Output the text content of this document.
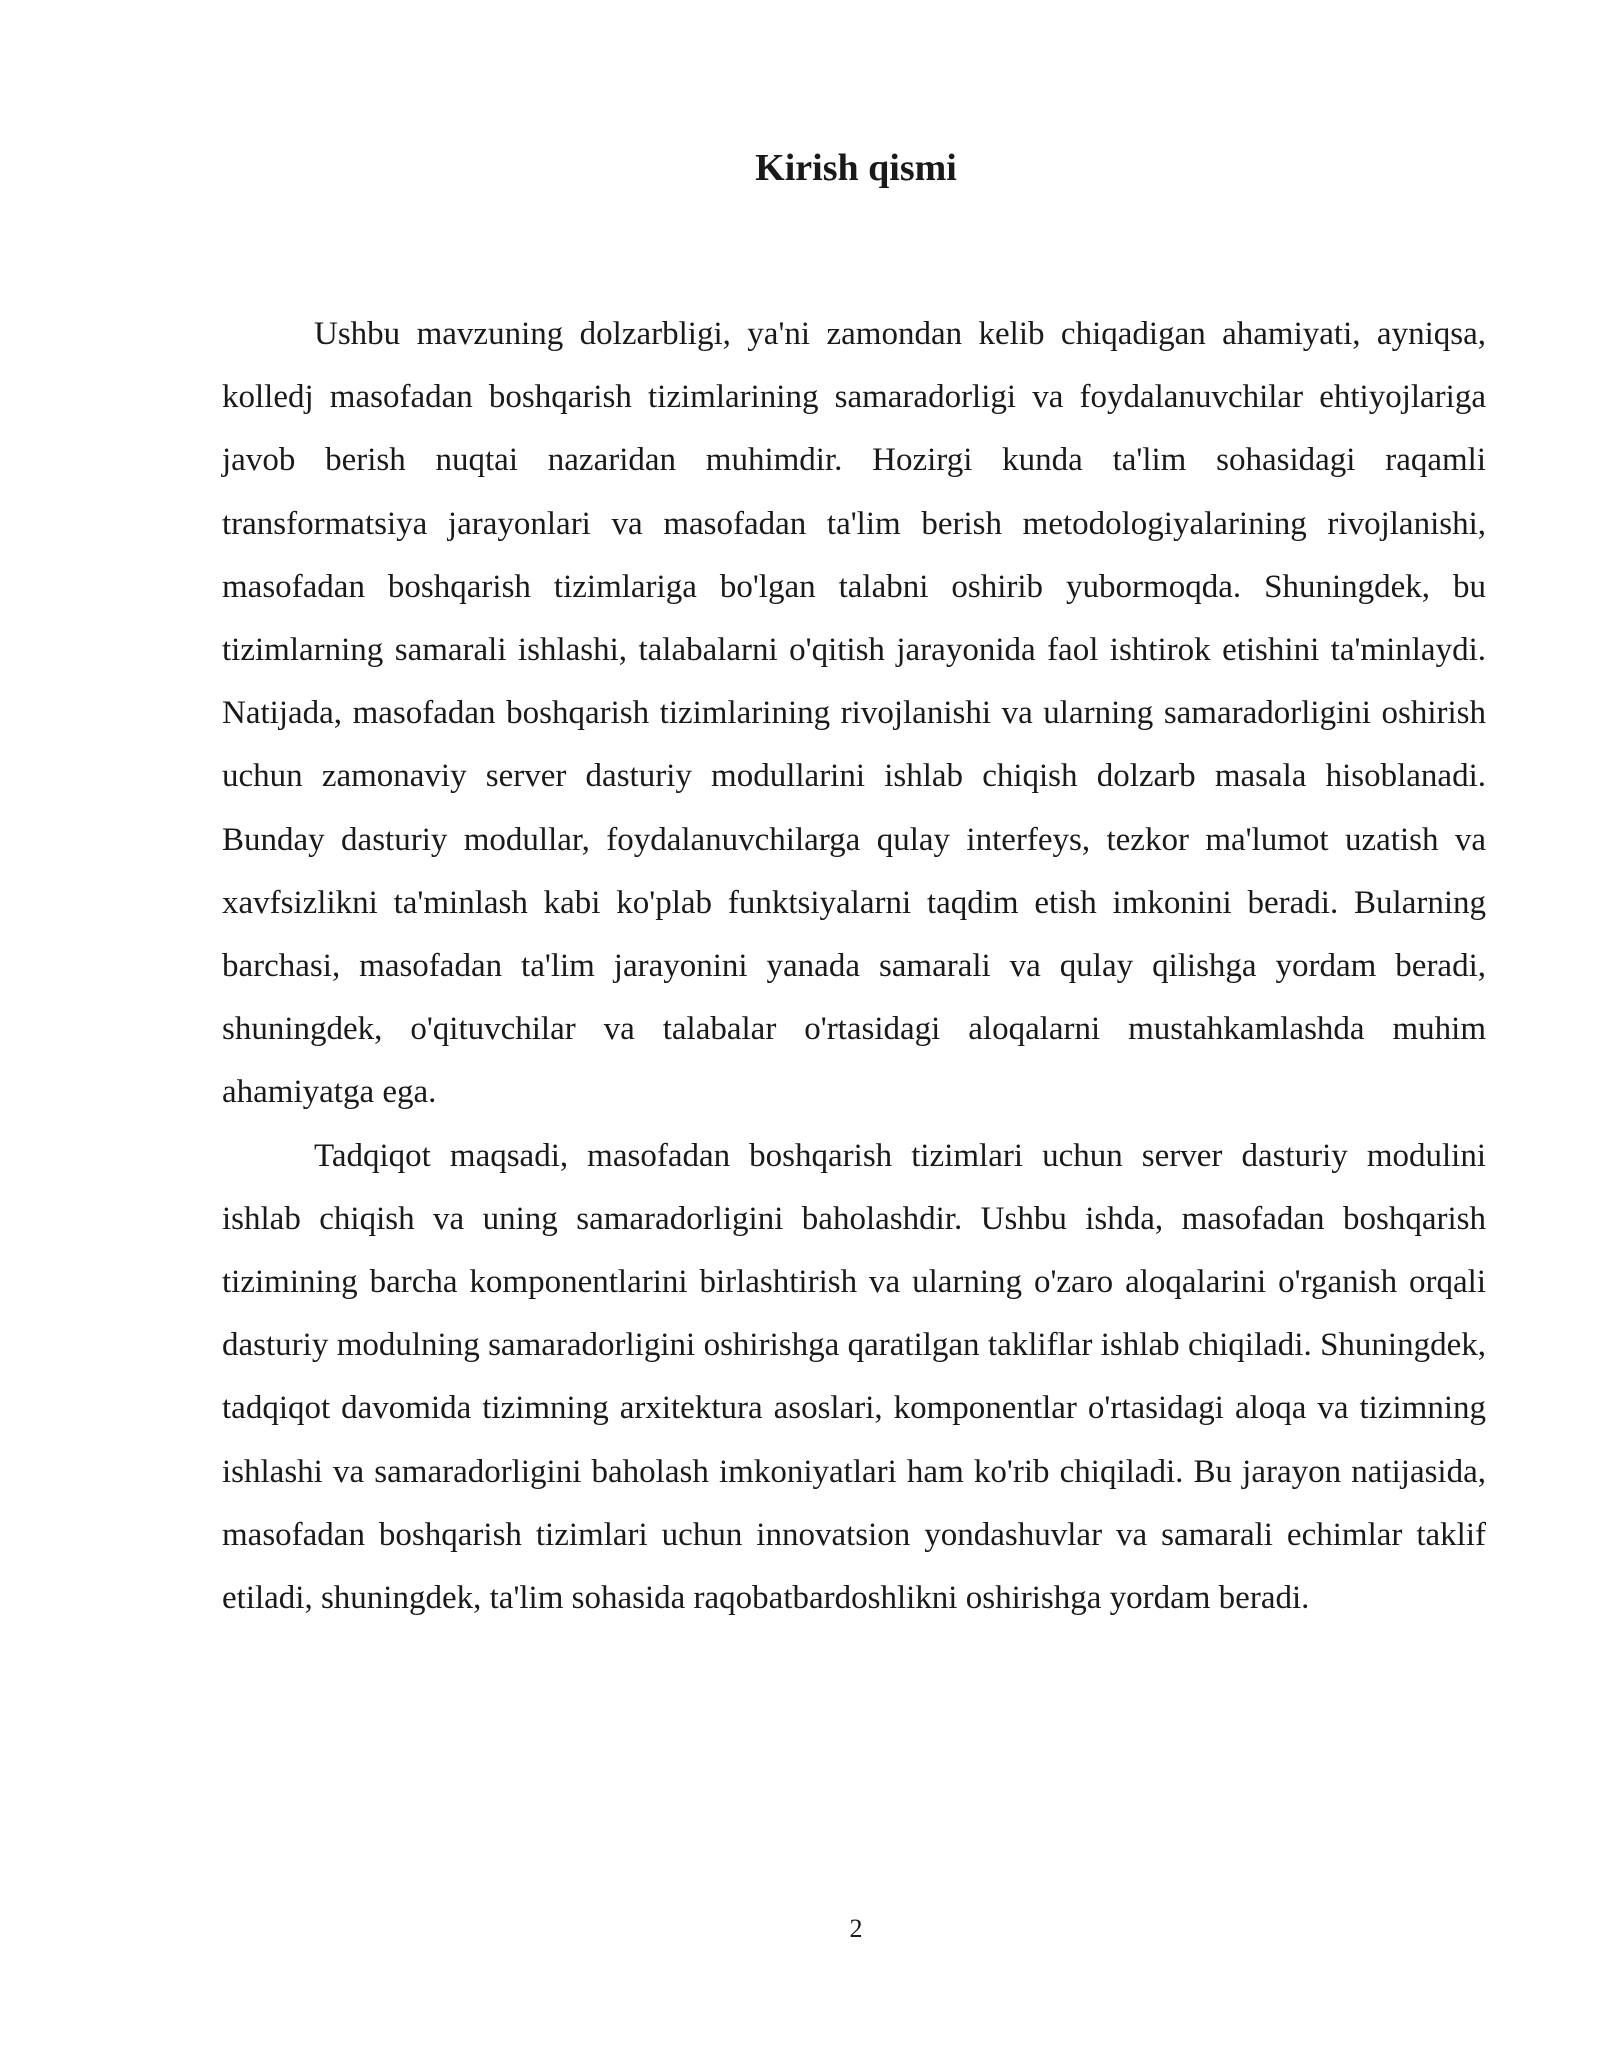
Kirish qismi

Ushbu mavzuning dolzarbligi, ya'ni zamondan kelib chiqadigan ahamiyati, ayniqsa, kolledj masofadan boshqarish tizimlarining samaradorligi va foydalanuvchilar ehtiyojlariga javob berish nuqtai nazaridan muhimdir. Hozirgi kunda ta'lim sohasidagi raqamli transformatsiya jarayonlari va masofadan ta'lim berish metodologiyalarining rivojlanishi, masofadan boshqarish tizimlariga bo'lgan talabni oshirib yubormoqda. Shuningdek, bu tizimlarning samarali ishlashi, talabalarni o'qitish jarayonida faol ishtirok etishini ta'minlaydi. Natijada, masofadan boshqarish tizimlarining rivojlanishi va ularning samaradorligini oshirish uchun zamonaviy server dasturiy modullarini ishlab chiqish dolzarb masala hisoblanadi. Bunday dasturiy modullar, foydalanuvchilarga qulay interfeys, tezkor ma'lumot uzatish va xavfsizlikni ta'minlash kabi ko'plab funktsiyalarni taqdim etish imkonini beradi. Bularning barchasi, masofadan ta'lim jarayonini yanada samarali va qulay qilishga yordam beradi, shuningdek, o'qituvchilar va talabalar o'rtasidagi aloqalarni mustahkamlashda muhim ahamiyatga ega.

Tadqiqot maqsadi, masofadan boshqarish tizimlari uchun server dasturiy modulini ishlab chiqish va uning samaradorligini baholashdir. Ushbu ishda, masofadan boshqarish tizimining barcha komponentlarini birlashtirish va ularning o'zaro aloqalarini o'rganish orqali dasturiy modulning samaradorligini oshirishga qaratilgan takliflar ishlab chiqiladi. Shuningdek, tadqiqot davomida tizimning arxitektura asoslari, komponentlar o'rtasidagi aloqa va tizimning ishlashi va samaradorligini baholash imkoniyatlari ham ko'rib chiqiladi. Bu jarayon natijasida, masofadan boshqarish tizimlari uchun innovatsion yondashuvlar va samarali echimlar taklif etiladi, shuningdek, ta'lim sohasida raqobatbardoshlikni oshirishga yordam beradi.

2
